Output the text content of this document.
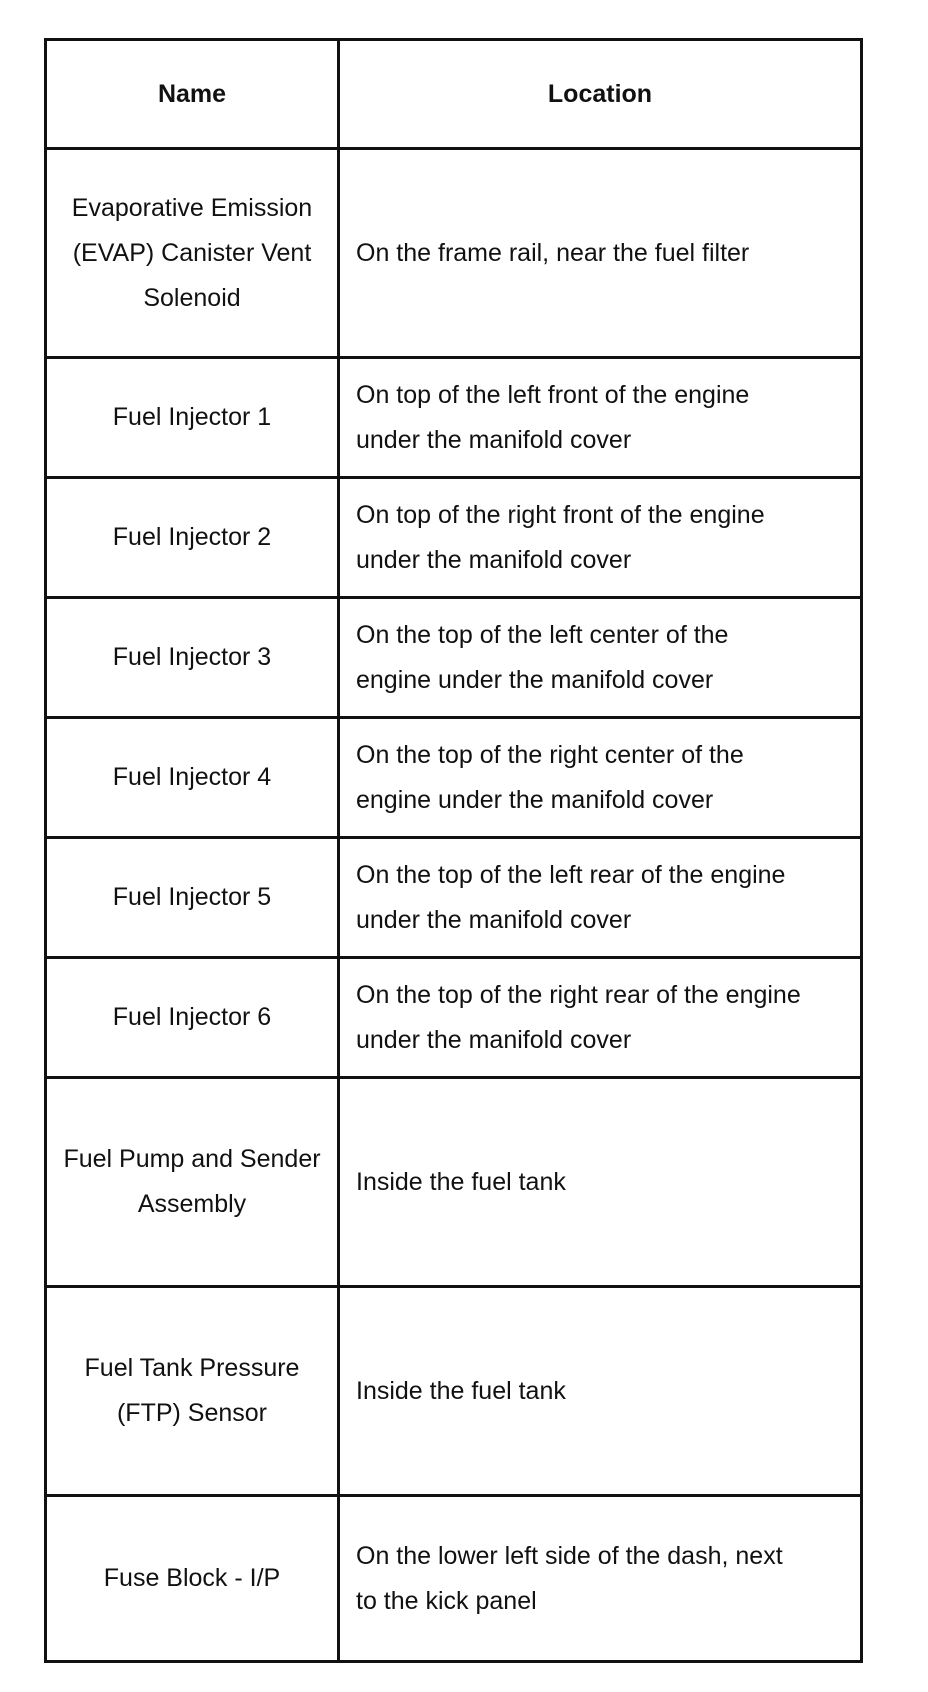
Name	Location
Evaporative Emission (EVAP) Canister Vent Solenoid	On the frame rail, near the fuel filter
Fuel Injector 1	On top of the left front of the engine under the manifold cover
Fuel Injector 2	On top of the right front of the engine under the manifold cover
Fuel Injector 3	On the top of the left center of the engine under the manifold cover
Fuel Injector 4	On the top of the right center of the engine under the manifold cover
Fuel Injector 5	On the top of the left rear of the engine under the manifold cover
Fuel Injector 6	On the top of the right rear of the engine under the manifold cover
Fuel Pump and Sender Assembly	Inside the fuel tank
Fuel Tank Pressure (FTP) Sensor	Inside the fuel tank
Fuse Block - I/P	On the lower left side of the dash, next to the kick panel
